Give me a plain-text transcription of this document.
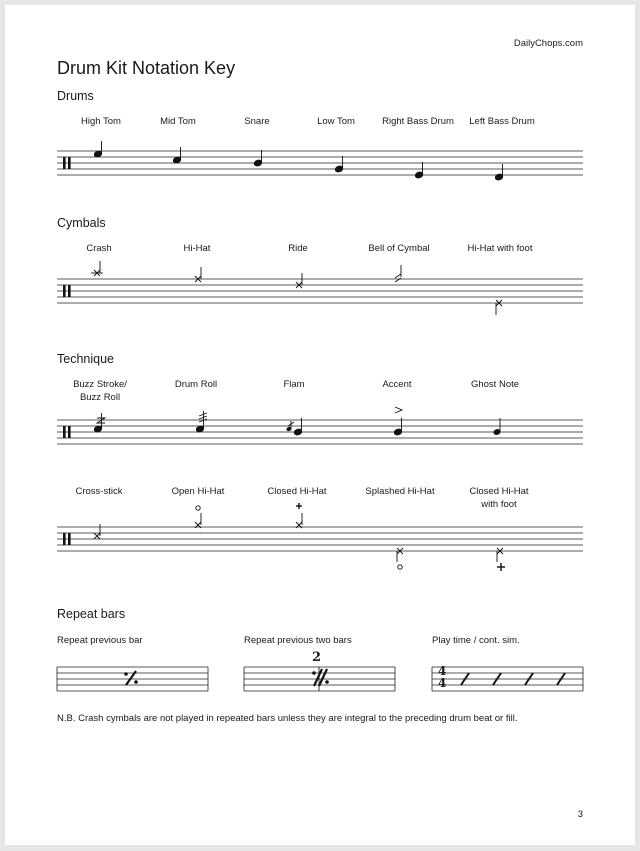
DailyChops.com
Drum Kit Notation Key
Drums
Cymbals
Technique
Repeat bars
High Tom	Mid Tom	Snare	Low Tom	Right Bass Drum	Left Bass Drum
Crash	Hi-Hat	Ride	Bell of Cymbal	Hi-Hat with foot
Buzz Stroke/
Buzz Roll
Drum Roll	Flam	Accent	Ghost Note
Cross-stick	Open Hi-Hat	Closed Hi-Hat	Splashed Hi-Hat	Closed Hi-Hat
with foot
Repeat previous bar	Repeat previous two bars	Play time / cont. sim.
N.B. Crash cymbals are not played in repeated bars unless they are integral to the preceding drum beat or fill.
3
2
4
4
